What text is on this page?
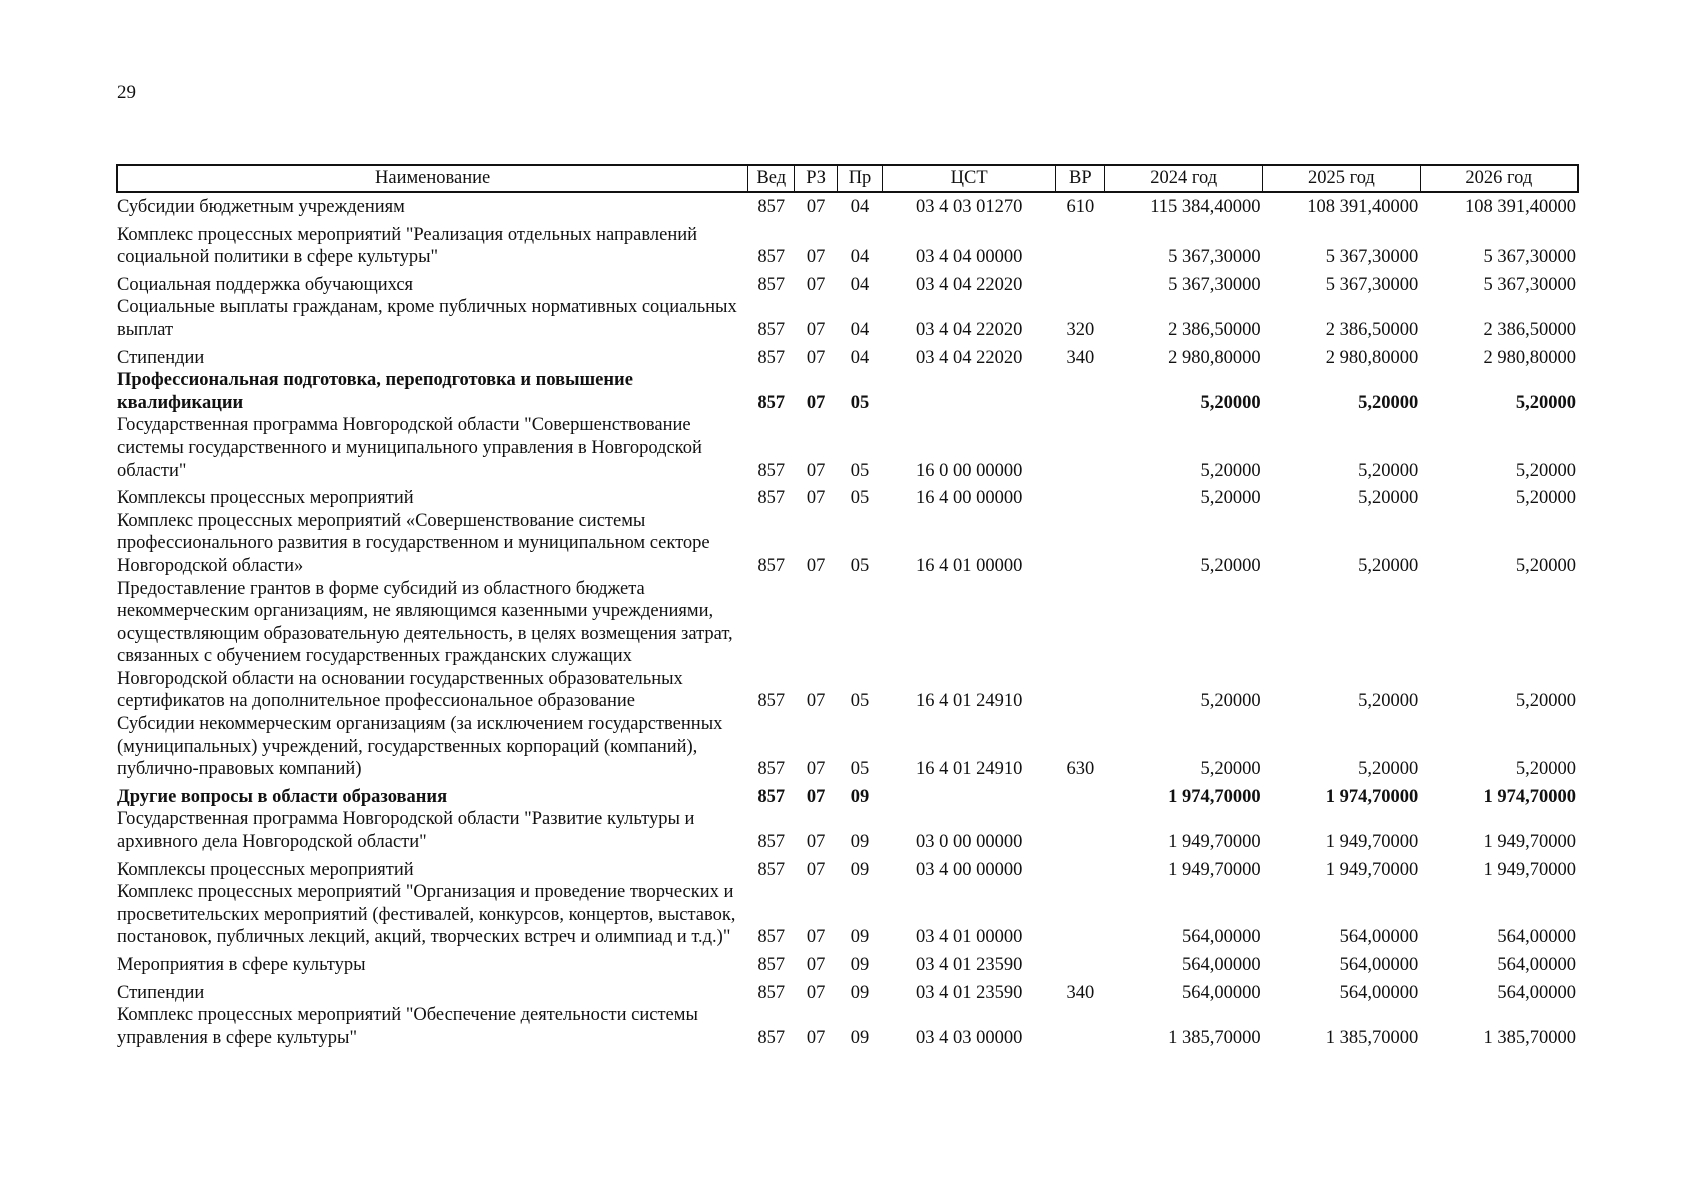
29
Наименование	Вед	РЗ	Пр	ЦСТ	ВР	2024 год	2025 год	2026 год
Субсидии бюджетным учреждениям	857	07	04	03 4 03 01270	610	115 384,40000	108 391,40000	108 391,40000
Комплекс процессных мероприятий "Реализация отдельных направлений социальной политики в сфере культуры"	857	07	04	03 4 04 00000		5 367,30000	5 367,30000	5 367,30000
Социальная поддержка обучающихся	857	07	04	03 4 04 22020		5 367,30000	5 367,30000	5 367,30000
Социальные выплаты гражданам, кроме публичных нормативных социальных выплат	857	07	04	03 4 04 22020	320	2 386,50000	2 386,50000	2 386,50000
Стипендии	857	07	04	03 4 04 22020	340	2 980,80000	2 980,80000	2 980,80000
Профессиональная подготовка, переподготовка и повышение квалификации	857	07	05			5,20000	5,20000	5,20000
Государственная программа Новгородской области "Совершенствование системы государственного и муниципального управления в Новгородской области"	857	07	05	16 0 00 00000		5,20000	5,20000	5,20000
Комплексы процессных мероприятий	857	07	05	16 4 00 00000		5,20000	5,20000	5,20000
Комплекс процессных мероприятий «Совершенствование системы профессионального развития в государственном и муниципальном секторе Новгородской области»	857	07	05	16 4 01 00000		5,20000	5,20000	5,20000
Предоставление грантов в форме субсидий из областного бюджета некоммерческим организациям, не являющимся казенными учреждениями, осуществляющим образовательную деятельность, в целях возмещения затрат, связанных с обучением государственных гражданских служащих Новгородской области на основании государственных образовательных сертификатов на дополнительное профессиональное образование	857	07	05	16 4 01 24910		5,20000	5,20000	5,20000
Субсидии некоммерческим организациям (за исключением государственных (муниципальных) учреждений, государственных корпораций (компаний), публично-правовых компаний)	857	07	05	16 4 01 24910	630	5,20000	5,20000	5,20000
Другие вопросы в области образования	857	07	09			1 974,70000	1 974,70000	1 974,70000
Государственная программа Новгородской области "Развитие культуры и архивного дела Новгородской области"	857	07	09	03 0 00 00000		1 949,70000	1 949,70000	1 949,70000
Комплексы процессных мероприятий	857	07	09	03 4 00 00000		1 949,70000	1 949,70000	1 949,70000
Комплекс процессных мероприятий "Организация и проведение творческих и просветительских мероприятий (фестивалей, конкурсов, концертов, выставок, постановок, публичных лекций, акций, творческих встреч и олимпиад и т.д.)"	857	07	09	03 4 01 00000		564,00000	564,00000	564,00000
Мероприятия в сфере культуры	857	07	09	03 4 01 23590		564,00000	564,00000	564,00000
Стипендии	857	07	09	03 4 01 23590	340	564,00000	564,00000	564,00000
Комплекс процессных мероприятий "Обеспечение деятельности системы управления в сфере культуры"	857	07	09	03 4 03 00000		1 385,70000	1 385,70000	1 385,70000
